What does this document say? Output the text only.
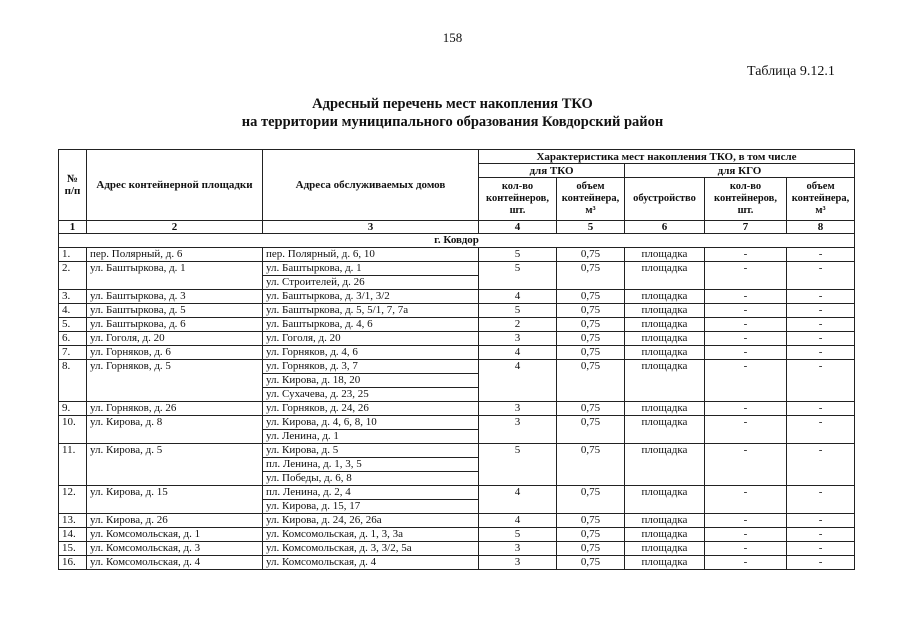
158
Таблица 9.12.1
Адресный перечень мест накопления ТКО
на территории муниципального образования Ковдорский район
№ п/п	Адрес контейнерной площадки	Адреса обслуживаемых домов	Характеристика мест накопления ТКО, в том числе				
			для ТКО		для КГО		
			кол-во контейнеров, шт.	объем контейнера, м³	обустройство	кол-во контейнеров, шт.	объем контейнера, м³
1	2	3	4	5	6	7	8
г. Ковдор							
1.	пер. Полярный, д. 6	пер. Полярный, д. 6, 10	5	0,75	площадка	-	-
2.	ул. Баштыркова, д. 1	ул. Баштыркова, д. 1	5	0,75	площадка	-	-
		ул. Строителей, д. 26					
3.	ул. Баштыркова, д. 3	ул. Баштыркова, д. 3/1, 3/2	4	0,75	площадка	-	-
4.	ул. Баштыркова, д. 5	ул. Баштыркова, д. 5, 5/1, 7, 7а	5	0,75	площадка	-	-
5.	ул. Баштыркова, д. 6	ул. Баштыркова, д. 4, 6	2	0,75	площадка	-	-
6.	ул. Гоголя, д. 20	ул. Гоголя, д. 20	3	0,75	площадка	-	-
7.	ул. Горняков, д. 6	ул. Горняков, д. 4, 6	4	0,75	площадка	-	-
8.	ул. Горняков, д. 5	ул. Горняков, д. 3, 7	4	0,75	площадка	-	-
		ул. Кирова, д. 18, 20					
		ул. Сухачева, д. 23, 25					
9.	ул. Горняков, д. 26	ул. Горняков, д. 24, 26	3	0,75	площадка	-	-
10.	ул. Кирова, д. 8	ул. Кирова, д. 4, 6, 8, 10	3	0,75	площадка	-	-
		ул. Ленина, д. 1					
11.	ул. Кирова, д. 5	ул. Кирова, д. 5	5	0,75	площадка	-	-
		пл. Ленина, д. 1, 3, 5					
		ул. Победы, д. 6, 8					
12.	ул. Кирова, д. 15	пл. Ленина, д. 2, 4	4	0,75	площадка	-	-
		ул. Кирова, д. 15, 17					
13.	ул. Кирова, д. 26	ул. Кирова, д. 24, 26, 26а	4	0,75	площадка	-	-
14.	ул. Комсомольская, д. 1	ул. Комсомольская, д. 1, 3, 3а	5	0,75	площадка	-	-
15.	ул. Комсомольская, д. 3	ул. Комсомольская, д. 3, 3/2, 5а	3	0,75	площадка	-	-
16.	ул. Комсомольская, д. 4	ул. Комсомольская, д. 4	3	0,75	площадка	-	-
